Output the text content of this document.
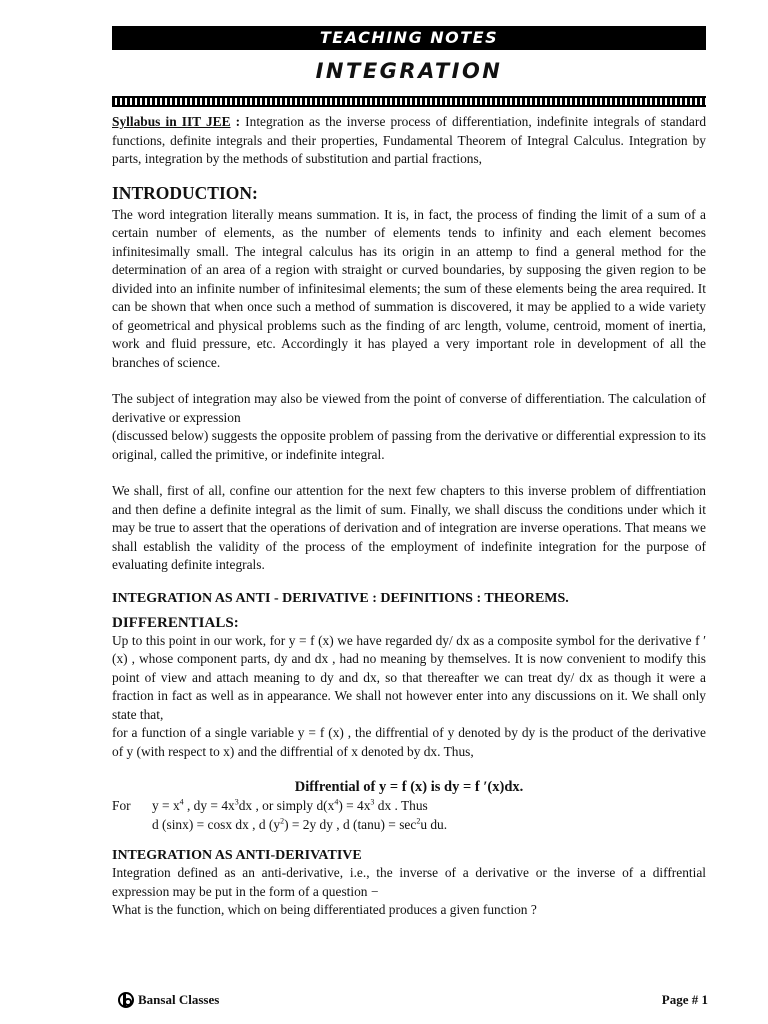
TEACHING NOTES
INTEGRATION

Syllabus in IIT JEE : Integration as the inverse process of differentiation, indefinite integrals of standard functions, definite integrals and their properties, Fundamental Theorem of Integral Calculus. Integration by parts, integration by the methods of substitution and partial fractions,

INTRODUCTION:

The word integration literally means summation. It is, in fact, the process of finding the limit of a sum of a certain number of elements, as the number of elements tends to infinity and each element becomes infinitesimally small. The integral calculus has its origin in an attemp to find a general method for the determination of an area of a region with straight or curved boundaries, by supposing the given region to be divided into an infinite number of infinitesimal elements; the sum of these elements being the area required. It can be shown that when once such a method of summation is discovered, it may be applied to a wide variety of geometrical and physical problems such as the finding of arc length, volume, centroid, moment of inertia, work and fluid pressure, etc. Accordingly it has played a very important role in development of all the branches of science.

The subject of integration may also be viewed from the point of converse of differentiation. The calculation of derivative or expression

(discussed below) suggests the opposite problem of passing from the derivative or differential expression to its original, called the primitive, or indefinite integral.

We shall, first of all, confine our attention for the next few chapters to this inverse problem of diffrentiation and then define a definite integral as the limit of sum. Finally, we shall discuss the conditions under which it may be true to assert that the operations of derivation and of integration are inverse operations. That means we shall establish the validity of the process of the employment of indefinite integration for the purpose of evaluating definite integrals.

INTEGRATION AS ANTI - DERIVATIVE : DEFINITIONS : THEOREMS.
DIFFERENTIALS:

Up to this point in our work, for y = f (x) we have regarded dy/ dx as a composite symbol for the derivative f ′(x) , whose component parts, dy and dx , had no meaning by themselves. It is now convenient to modify this point of view and attach meaning to dy and dx, so that thereafter we can treat dy/ dx as though it were a fraction in fact as well as in appearance. We shall not however enter into any discussions on it. We shall only state that,

for a function of a single variable y = f (x) , the diffrential of y denoted by dy is the product of the derivative of y (with respect to x) and the diffrential of x denoted by dx. Thus,

Diffrential of y = f (x) is dy = f ′(x)dx.
For	$y = x^4$ , dy = $4x^3dx$ , or simply $d(x^4) = 4x^3$ dx . Thus
d (sinx) = cosx dx , d $(y^2) = 2y$ dy , d $(\tan u) = \sec^2u$ du.
INTEGRATION AS ANTI-DERIVATIVE

Integration defined as an anti-derivative, i.e., the inverse of a derivative or the inverse of a diffrential expression may be put in the form of a question −

What is the function, which on being differentiated produces a given function ?

Bansal Classes	Page # 1
